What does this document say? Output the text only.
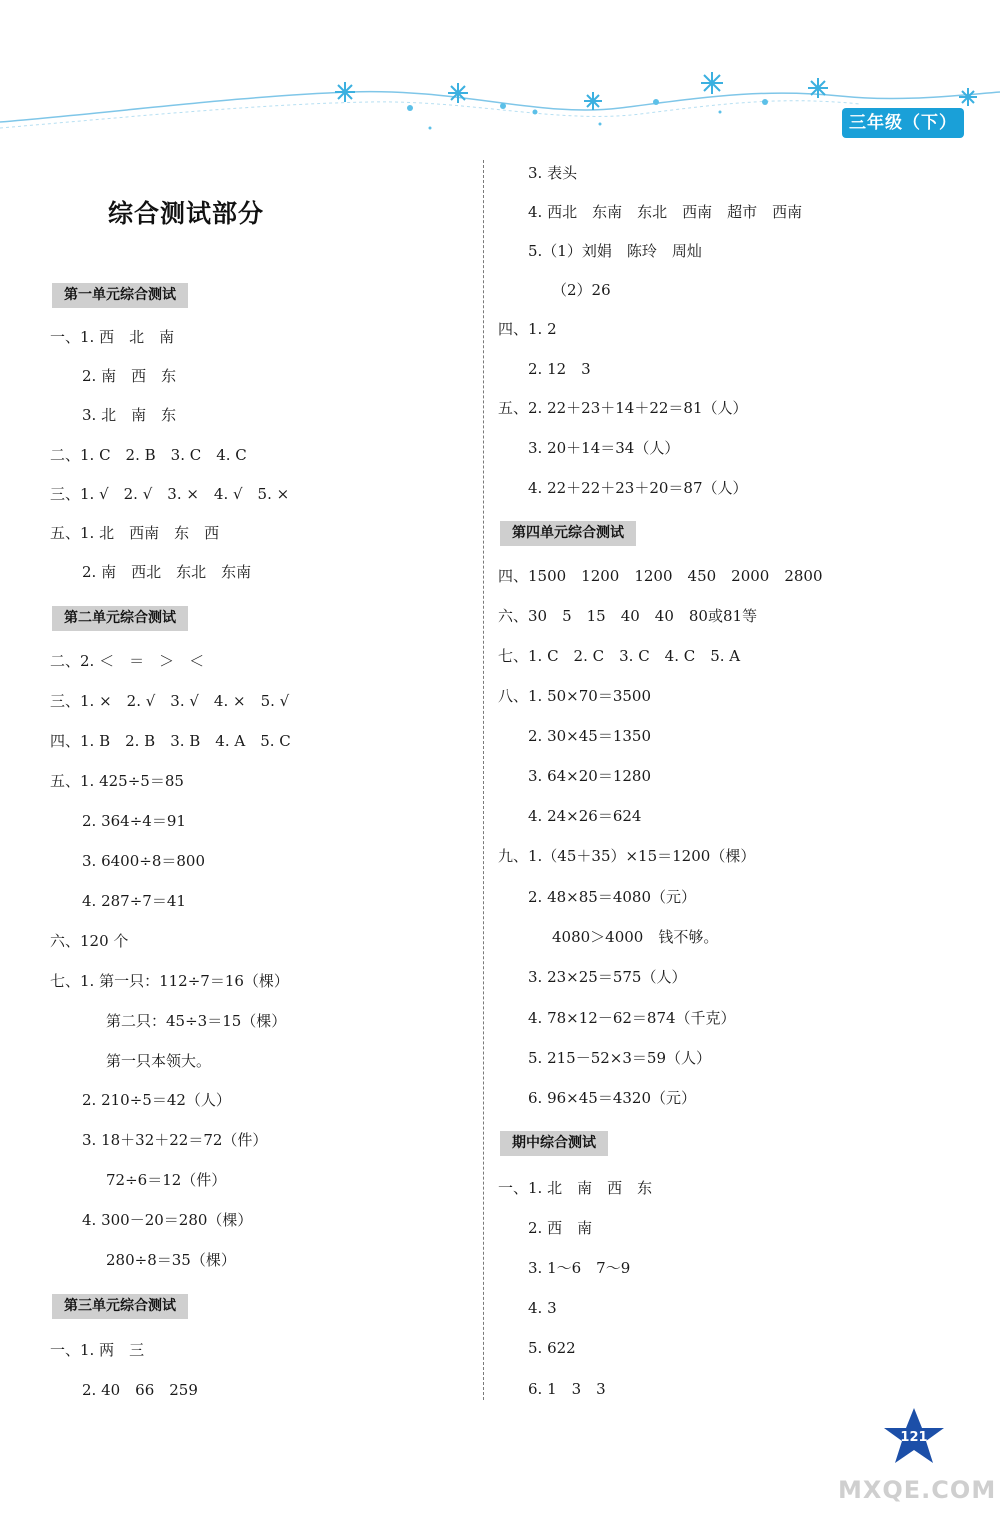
三年级（下）
综合测试部分
第一单元综合测试
一、1. 西　北　南
2. 南　西　东
3. 北　南　东
二、1. C　2. B　3. C　4. C
三、1. √　2. √　3. ×　4. √　5. ×
五、1. 北　西南　东　西
2. 南　西北　东北　东南
第二单元综合测试
二、2. ＜　＝　＞　＜
三、1. ×　2. √　3. √　4. ×　5. √
四、1. B　2. B　3. B　4. A　5. C
五、1. 425÷5＝85
2. 364÷4＝91
3. 6400÷8＝800
4. 287÷7＝41
六、120 个
七、1. 第一只：112÷7＝16（棵）
第二只：45÷3＝15（棵）
第一只本领大。
2. 210÷5＝42（人）
3. 18＋32＋22＝72（件）
72÷6＝12（件）
4. 300－20＝280（棵）
280÷8＝35（棵）
第三单元综合测试
一、1. 两　三
2. 40　66　259
3. 表头
4. 西北　东南　东北　西南　超市　西南
5.（1）刘娟　陈玲　周灿
（2）26
四、1. 2
2. 12　3
五、2. 22＋23＋14＋22＝81（人）
3. 20＋14＝34（人）
4. 22＋22＋23＋20＝87（人）
第四单元综合测试
四、1500　1200　1200　450　2000　2800
六、30　5　15　40　40　80或81等
七、1. C　2. C　3. C　4. C　5. A
八、1. 50×70＝3500
2. 30×45＝1350
3. 64×20＝1280
4. 24×26＝624
九、1.（45＋35）×15＝1200（棵）
2. 48×85＝4080（元）
4080＞4000　钱不够。
3. 23×25＝575（人）
4. 78×12－62＝874（千克）
5. 215－52×3＝59（人）
6. 96×45＝4320（元）
期中综合测试
一、1. 北　南　西　东
2. 西　南
3. 1～6　7～9
4. 3
5. 622
6. 1　3　3
121
MXQE.COM
